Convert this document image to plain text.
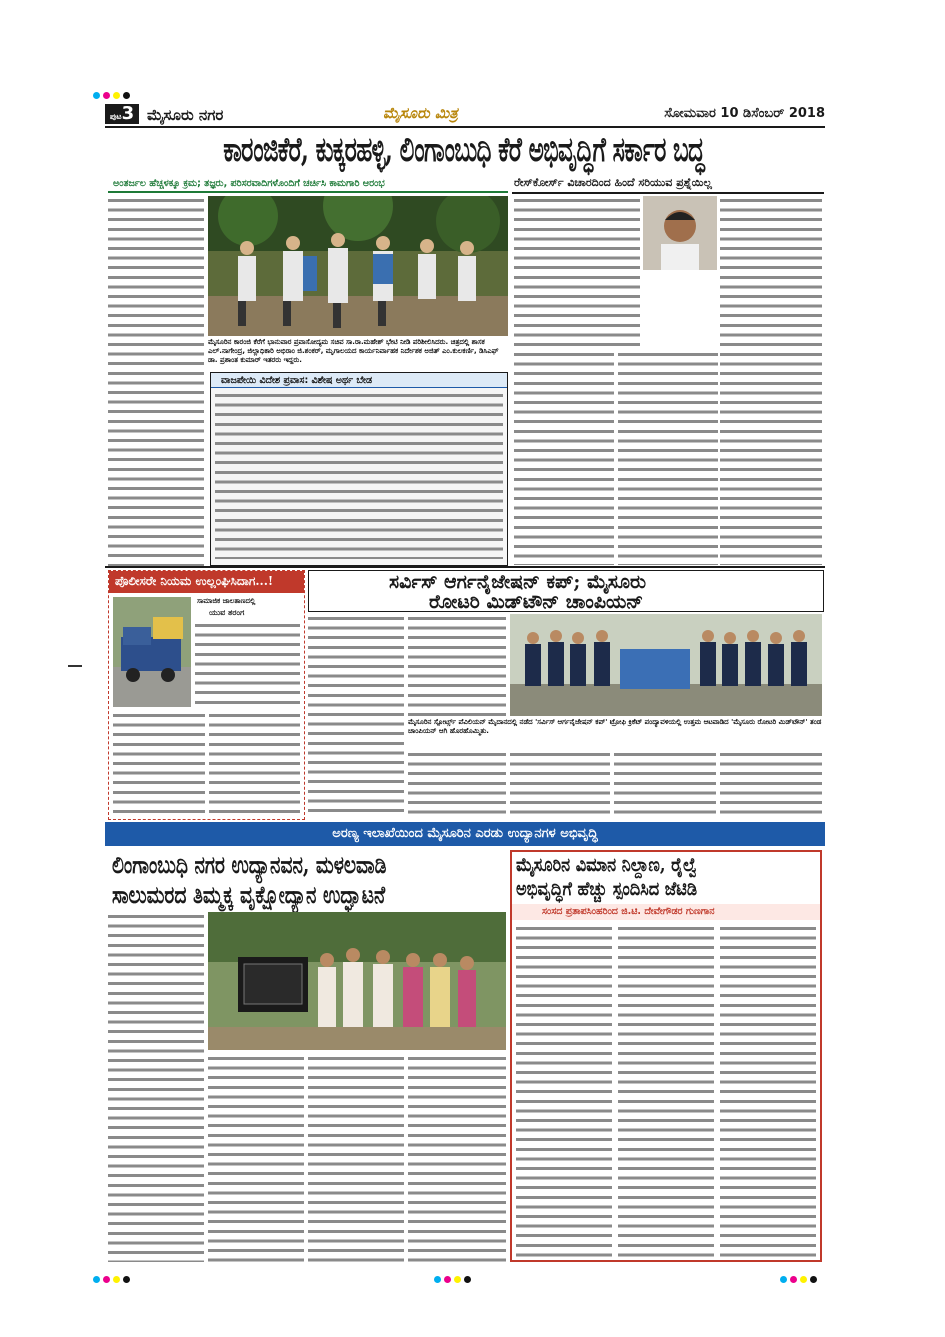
ಪುಟ3 ಮೈಸೂರು ನಗರ	ಮೈಸೂರು ಮಿತ್ರ	ಸೋಮವಾರ 10 ಡಿಸೆಂಬರ್ 2018
ಕಾರಂಜಿಕೆರೆ, ಕುಕ್ಕರಹಳ್ಳಿ, ಲಿಂಗಾಂಬುಧಿ ಕೆರೆ ಅಭಿವೃದ್ಧಿಗೆ ಸರ್ಕಾರ ಬದ್ಧ
ಅಂತರ್ಜಲ ಹೆಚ್ಚಳಕ್ಕೂ ಕ್ರಮ; ತಜ್ಞರು, ಪರಿಸರವಾದಿಗಳೊಂದಿಗೆ ಚರ್ಚಿಸಿ ಕಾಮಗಾರಿ ಆರಂಭ
ಮೈಸೂರಿನ ಕಾರಂಜಿ ಕೆರೆಗೆ ಭಾನುವಾರ ಪ್ರವಾಸೋದ್ಯಮ ಸಚಿವ ಸಾ.ರಾ.ಮಹೇಶ್ ಭೇಟಿ ನೀಡಿ ಪರಿಶೀಲಿಸಿದರು. ಚಿತ್ರದಲ್ಲಿ ಶಾಸಕ ಎಲ್.ನಾಗೇಂದ್ರ, ಜಿಲ್ಲಾಧಿಕಾರಿ ಅಭಿರಾಂ ಜಿ.ಶಂಕರ್, ಮೃಗಾಲಯದ ಕಾರ್ಯನಿರ್ವಾಹಕ ನಿರ್ದೇಶಕ ಅಜಿತ್ ಎಂ.ಕುಲಕರ್ಣಿ, ಡಿಸಿಎಫ್ ಡಾ. ಪ್ರಶಾಂತ ಕುಮಾರ್ ಇತರರು ಇದ್ದರು.
ವಾಜಪೇಯಿ ವಿದೇಶ ಪ್ರವಾಸ: ವಿಶೇಷ ಅರ್ಥ ಬೇಡ
ರೇಸ್‌ಕೋರ್ಸ್ ವಿಚಾರದಿಂದ ಹಿಂದೆ ಸರಿಯುವ ಪ್ರಶ್ನೆಯಿಲ್ಲ
ಪೊಲೀಸರೇ ನಿಯಮ ಉಲ್ಲಂಘಿಸಿದಾಗ...!
ಸಾಮಾಜಿಕ ಜಾಲತಾಣದಲ್ಲಿ
ಯುವ ತರಂಗ
ಸರ್ವಿಸ್ ಆರ್ಗನೈಜೇಷನ್ ಕಪ್; ಮೈಸೂರು
ರೋಟರಿ ಮಿಡ್‌ಟೌನ್ ಚಾಂಪಿಯನ್
ಮೈಸೂರಿನ ಸ್ಪೋರ್ಟ್ಸ್ ಪೆವಿಲಿಯನ್ ಮೈದಾನದಲ್ಲಿ ನಡೆದ 'ಸರ್ವಿಸ್ ಆರ್ಗನೈಜೇಷನ್ ಕಪ್' ಟ್ರೋಫಿ ಕ್ರಿಕೆಟ್ ಪಂದ್ಯಾವಳಿಯಲ್ಲಿ ಉತ್ತಮ ಆಟವಾಡಿದ 'ಮೈಸೂರು ರೋಟರಿ ಮಿಡ್‌ಟೌನ್' ತಂಡ ಚಾಂಪಿಯನ್ ಆಗಿ ಹೊರಹೊಮ್ಮಿತು.
ಅರಣ್ಯ ಇಲಾಖೆಯಿಂದ ಮೈಸೂರಿನ ಎರಡು ಉದ್ಯಾನಗಳ ಅಭಿವೃದ್ಧಿ
ಲಿಂಗಾಂಬುಧಿ ನಗರ ಉದ್ಯಾನವನ, ಮಳಲವಾಡಿ
ಸಾಲುಮರದ ತಿಮ್ಮಕ್ಕ ವೃಕ್ಷೋದ್ಯಾನ ಉದ್ಘಾಟನೆ
ಮೈಸೂರಿನ ವಿಮಾನ ನಿಲ್ದಾಣ, ರೈಲ್ವೆ
ಅಭಿವೃದ್ಧಿಗೆ ಹೆಚ್ಚು ಸ್ಪಂದಿಸಿದ ಜೆಟಿಡಿ
ಸಂಸದ ಪ್ರತಾಪಸಿಂಹರಿಂದ ಜಿ.ಟಿ. ದೇವೇಗೌಡರ ಗುಣಗಾನ
